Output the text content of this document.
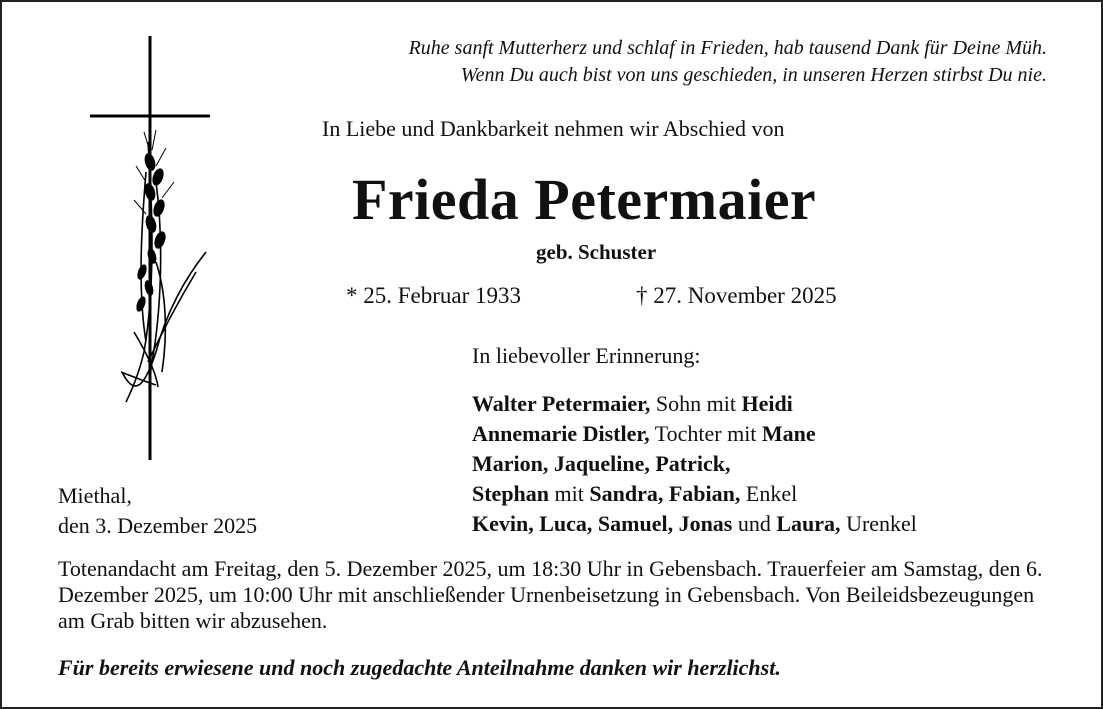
Ruhe sanft Mutterherz und schlaf in Frieden, hab tausend Dank für Deine Müh.
Wenn Du auch bist von uns geschieden, in unseren Herzen stirbst Du nie.
In Liebe und Dankbarkeit nehmen wir Abschied von
Frieda Petermaier
geb. Schuster
* 25. Februar 1933	† 27. November 2025
In liebevoller Erinnerung:
Walter Petermaier, Sohn mit Heidi
Annemarie Distler, Tochter mit Mane
Marion, Jaqueline, Patrick,
Stephan mit Sandra, Fabian, Enkel
Kevin, Luca, Samuel, Jonas und Laura, Urenkel
Miethal,
den 3. Dezember 2025
Totenandacht am Freitag, den 5. Dezember 2025, um 18:30 Uhr in Gebensbach. Trauerfeier am Samstag, den 6. Dezember 2025, um 10:00 Uhr mit anschließender Urnenbeisetzung in Gebensbach. Von Beileidsbezeugungen am Grab bitten wir abzusehen.
Für bereits erwiesene und noch zugedachte Anteilnahme danken wir herzlichst.
